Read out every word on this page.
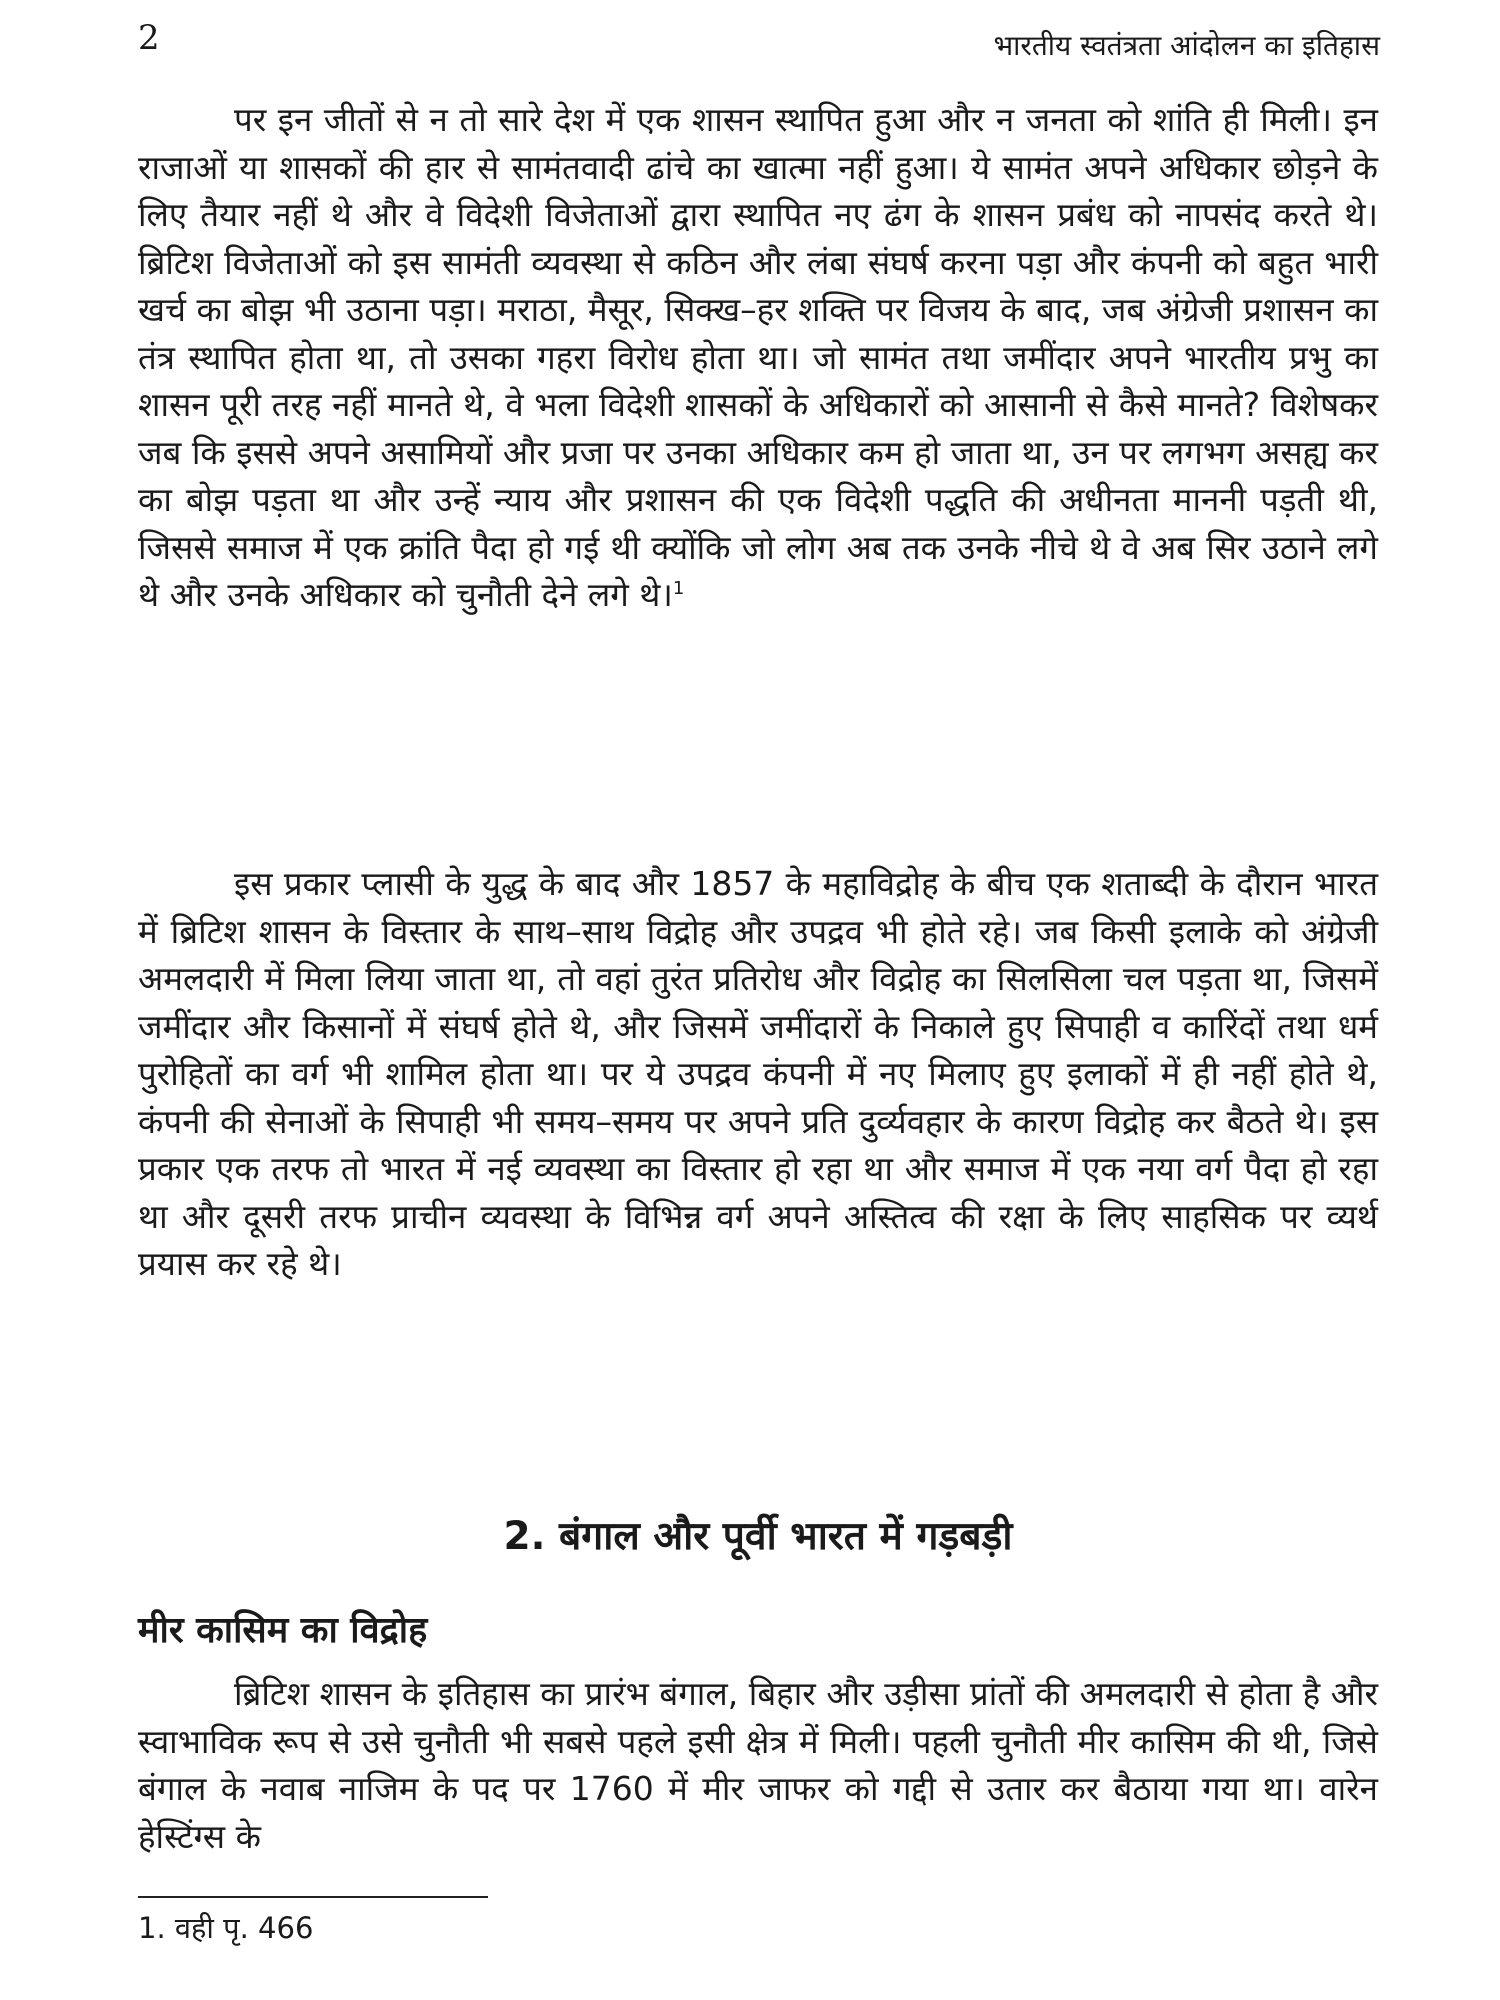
2	भारतीय स्वतंत्रता आंदोलन का इतिहास

पर इन जीतों से न तो सारे देश में एक शासन स्थापित हुआ और न जनता को शांति ही मिली। इन राजाओं या शासकों की हार से सामंतवादी ढांचे का खात्मा नहीं हुआ। ये सामंत अपने अधिकार छोड़ने के लिए तैयार नहीं थे और वे विदेशी विजेताओं द्वारा स्थापित नए ढंग के शासन प्रबंध को नापसंद करते थे। ब्रिटिश विजेताओं को इस सामंती व्यवस्था से कठिन और लंबा संघर्ष करना पड़ा और कंपनी को बहुत भारी खर्च का बोझ भी उठाना पड़ा। मराठा, मैसूर, सिक्ख–हर शक्ति पर विजय के बाद, जब अंग्रेजी प्रशासन का तंत्र स्थापित होता था, तो उसका गहरा विरोध होता था। जो सामंत तथा जमींदार अपने भारतीय प्रभु का शासन पूरी तरह नहीं मानते थे, वे भला विदेशी शासकों के अधिकारों को आसानी से कैसे मानते? विशेषकर जब कि इससे अपने असामियों और प्रजा पर उनका अधिकार कम हो जाता था, उन पर लगभग असह्य कर का बोझ पड़ता था और उन्हें न्याय और प्रशासन की एक विदेशी पद्धति की अधीनता माननी पड़ती थी, जिससे समाज में एक क्रांति पैदा हो गई थी क्योंकि जो लोग अब तक उनके नीचे थे वे अब सिर उठाने लगे थे और उनके अधिकार को चुनौती देने लगे थे।$^1$

इस प्रकार प्लासी के युद्ध के बाद और 1857 के महाविद्रोह के बीच एक शताब्दी के दौरान भारत में ब्रिटिश शासन के विस्तार के साथ–साथ विद्रोह और उपद्रव भी होते रहे। जब किसी इलाके को अंग्रेजी अमलदारी में मिला लिया जाता था, तो वहां तुरंत प्रतिरोध और विद्रोह का सिलसिला चल पड़ता था, जिसमें जमींदार और किसानों में संघर्ष होते थे, और जिसमें जमींदारों के निकाले हुए सिपाही व कारिंदों तथा धर्म पुरोहितों का वर्ग भी शामिल होता था। पर ये उपद्रव कंपनी में नए मिलाए हुए इलाकों में ही नहीं होते थे, कंपनी की सेनाओं के सिपाही भी समय–समय पर अपने प्रति दुर्व्यवहार के कारण विद्रोह कर बैठते थे। इस प्रकार एक तरफ तो भारत में नई व्यवस्था का विस्तार हो रहा था और समाज में एक नया वर्ग पैदा हो रहा था और दूसरी तरफ प्राचीन व्यवस्था के विभिन्न वर्ग अपने अस्तित्व की रक्षा के लिए साहसिक पर व्यर्थ प्रयास कर रहे थे।

2. बंगाल और पूर्वी भारत में गड़बड़ी
मीर कासिम का विद्रोह

ब्रिटिश शासन के इतिहास का प्रारंभ बंगाल, बिहार और उड़ीसा प्रांतों की अमलदारी से होता है और स्वाभाविक रूप से उसे चुनौती भी सबसे पहले इसी क्षेत्र में मिली। पहली चुनौती मीर कासिम की थी, जिसे बंगाल के नवाब नाजिम के पद पर 1760 में मीर जाफर को गद्दी से उतार कर बैठाया गया था। वारेन हेस्टिंग्स के

1. वही पृ. 466
